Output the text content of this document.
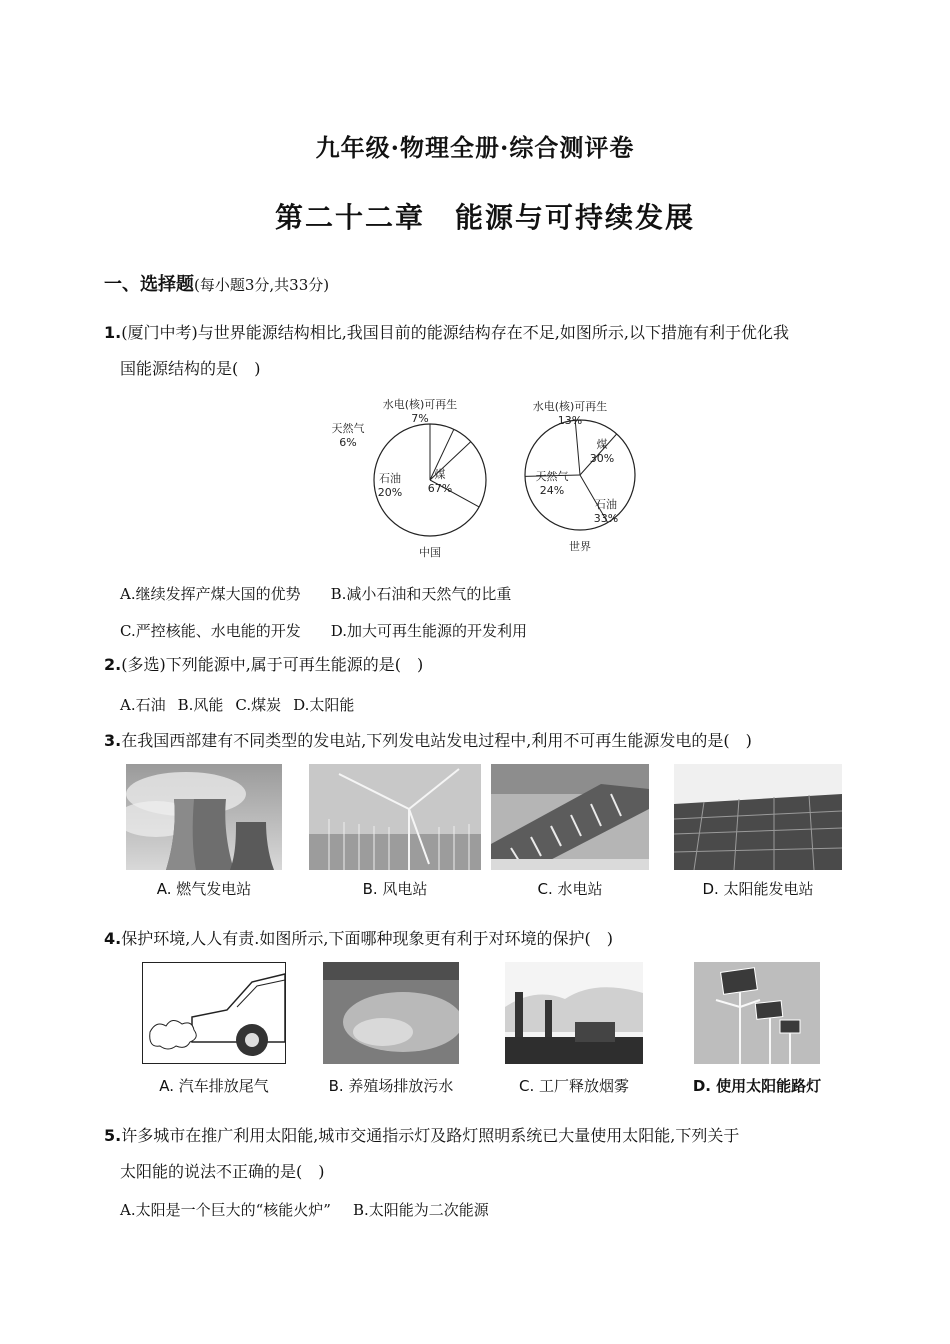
九年级·物理全册·综合测评卷
第二十二章　能源与可持续发展
一、选择题(每小题3分,共33分)
1.(厦门中考)与世界能源结构相比,我国目前的能源结构存在不足,如图所示,以下措施有利于优化我
国能源结构的是(　)
煤
67%
石油
20%
天然气
6%
水电(核)可再生
7%
中国
煤
30%
石油
33%
天然气
24%
水电(核)可再生
13%
世界
A.继续发挥产煤大国的优势 B.减小石油和天然气的比重
C.严控核能、水电能的开发 D.加大可再生能源的开发利用
2.(多选)下列能源中,属于可再生能源的是(　)
A.石油 B.风能 C.煤炭 D.太阳能
3.在我国西部建有不同类型的发电站,下列发电站发电过程中,利用不可再生能源发电的是(　)
A. 燃气发电站	B. 风电站	C. 水电站	D. 太阳能发电站
4.保护环境,人人有责.如图所示,下面哪种现象更有利于对环境的保护(　)
A. 汽车排放尾气	B. 养殖场排放污水	C. 工厂释放烟雾	D. 使用太阳能路灯
5.许多城市在推广利用太阳能,城市交通指示灯及路灯照明系统已大量使用太阳能,下列关于
太阳能的说法不正确的是(　)
A.太阳是一个巨大的“核能火炉” B.太阳能为二次能源
